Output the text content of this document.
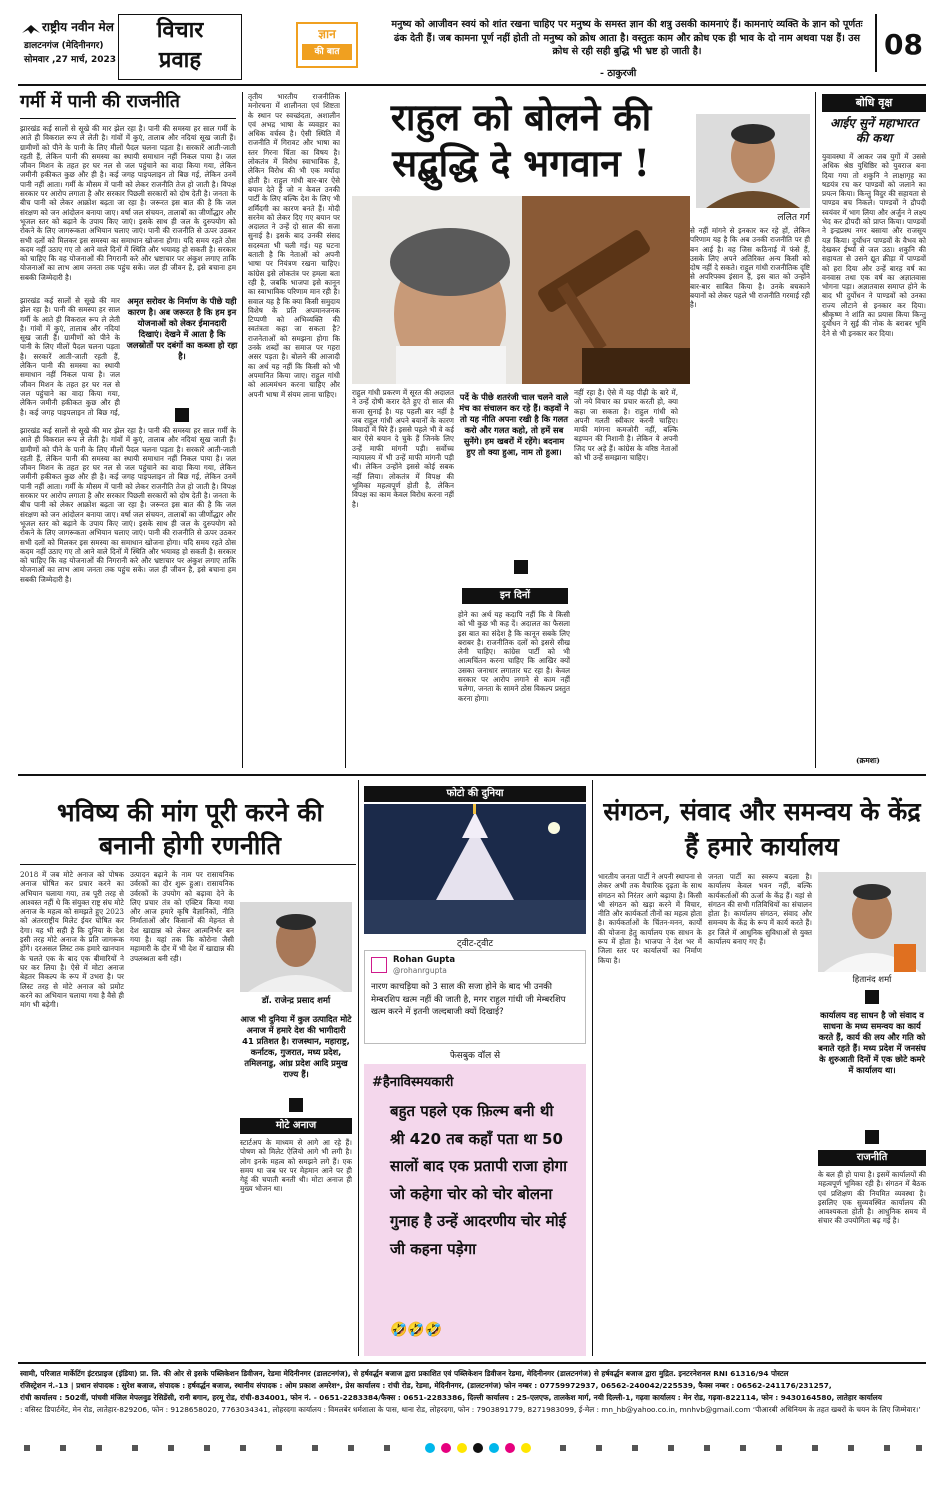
राष्ट्रीय नवीन मेल
डालटनगंज (मेदिनीनगर)
सोमवार ,27 मार्च, 2023
विचार
प्रवाह
ज्ञान
की बात
मनुष्य को आजीवन स्वयं को शांत रखना चाहिए पर मनुष्य के समस्त ज्ञान की शत्रु उसकी कामनाएं हैं। कामनाएं व्यक्ति के ज्ञान को पूर्णतः ढंक देती हैं। जब कामना पूर्ण नहीं होती तो मनुष्य को क्रोध आता है। वस्तुतः काम और क्रोध एक ही भाव के दो नाम अथवा पक्ष हैं। उस क्रोध से रही सही बुद्धि भी भ्रष्ट हो जाती है।
- ठाकुरजी
08
गर्मी में पानी की राजनीति
झारखंड कई सालों से सूखे की मार झेल रहा है। पानी की समस्या हर साल गर्मी के आते ही विकराल रूप ले लेती है। गांवों में कुएं, तालाब और नदियां सूख जाती हैं। ग्रामीणों को पीने के पानी के लिए मीलों पैदल चलना पड़ता है। सरकारें आती-जाती रहती हैं, लेकिन पानी की समस्या का स्थायी समाधान नहीं निकल पाया है। जल जीवन मिशन के तहत हर घर नल से जल पहुंचाने का वादा किया गया, लेकिन जमीनी हकीकत कुछ और ही है। कई जगह पाइपलाइन तो बिछ गई, लेकिन उनमें पानी नहीं आता। गर्मी के मौसम में पानी को लेकर राजनीति तेज हो जाती है। विपक्ष सरकार पर आरोप लगाता है और सरकार पिछली सरकारों को दोष देती है। जनता के बीच पानी को लेकर आक्रोश बढ़ता जा रहा है। जरूरत इस बात की है कि जल संरक्षण को जन आंदोलन बनाया जाए। वर्षा जल संचयन, तालाबों का जीर्णोद्धार और भूजल स्तर को बढ़ाने के उपाय किए जाएं। इसके साथ ही जल के दुरुपयोग को रोकने के लिए जागरूकता अभियान चलाए जाएं। पानी की राजनीति से ऊपर उठकर सभी दलों को मिलकर इस समस्या का समाधान खोजना होगा। यदि समय रहते ठोस कदम नहीं उठाए गए तो आने वाले दिनों में स्थिति और भयावह हो सकती है। सरकार को चाहिए कि वह योजनाओं की निगरानी करे और भ्रष्टाचार पर अंकुश लगाए ताकि योजनाओं का लाभ आम जनता तक पहुंच सके। जल ही जीवन है, इसे बचाना हम सबकी जिम्मेदारी है।
झारखंड कई सालों से सूखे की मार झेल रहा है। पानी की समस्या हर साल गर्मी के आते ही विकराल रूप ले लेती है। गांवों में कुएं, तालाब और नदियां सूख जाती हैं। ग्रामीणों को पीने के पानी के लिए मीलों पैदल चलना पड़ता है। सरकारें आती-जाती रहती हैं, लेकिन पानी की समस्या का स्थायी समाधान नहीं निकल पाया है। जल जीवन मिशन के तहत हर घर नल से जल पहुंचाने का वादा किया गया, लेकिन जमीनी हकीकत कुछ और ही है। कई जगह पाइपलाइन तो बिछ गई,
अमृत सरोवर के निर्माण के पीछे यही कारण है। अब जरूरत है कि हम इन योजनाओं को लेकर ईमानदारी दिखाएं। देखने में आता है कि जलस्रोतों पर दबंगों का कब्जा हो रहा है।
झारखंड कई सालों से सूखे की मार झेल रहा है। पानी की समस्या हर साल गर्मी के आते ही विकराल रूप ले लेती है। गांवों में कुएं, तालाब और नदियां सूख जाती हैं। ग्रामीणों को पीने के पानी के लिए मीलों पैदल चलना पड़ता है। सरकारें आती-जाती रहती हैं, लेकिन पानी की समस्या का स्थायी समाधान नहीं निकल पाया है। जल जीवन मिशन के तहत हर घर नल से जल पहुंचाने का वादा किया गया, लेकिन जमीनी हकीकत कुछ और ही है। कई जगह पाइपलाइन तो बिछ गई, लेकिन उनमें पानी नहीं आता। गर्मी के मौसम में पानी को लेकर राजनीति तेज हो जाती है। विपक्ष सरकार पर आरोप लगाता है और सरकार पिछली सरकारों को दोष देती है। जनता के बीच पानी को लेकर आक्रोश बढ़ता जा रहा है। जरूरत इस बात की है कि जल संरक्षण को जन आंदोलन बनाया जाए। वर्षा जल संचयन, तालाबों का जीर्णोद्धार और भूजल स्तर को बढ़ाने के उपाय किए जाएं। इसके साथ ही जल के दुरुपयोग को रोकने के लिए जागरूकता अभियान चलाए जाएं। पानी की राजनीति से ऊपर उठकर सभी दलों को मिलकर इस समस्या का समाधान खोजना होगा। यदि समय रहते ठोस कदम नहीं उठाए गए तो आने वाले दिनों में स्थिति और भयावह हो सकती है। सरकार को चाहिए कि वह योजनाओं की निगरानी करे और भ्रष्टाचार पर अंकुश लगाए ताकि योजनाओं का लाभ आम जनता तक पहुंच सके। जल ही जीवन है, इसे बचाना हम सबकी जिम्मेदारी है।
तृतीय भारतीय राजनीतिक मनोरचना में शालीनता एवं शिष्टता के स्थान पर स्वच्छंदता, अशालीन एवं अभद्र भाषा के व्यवहार का अधिक वर्चस्व है। ऐसी स्थिति में राजनीति में गिरावट और भाषा का स्तर गिरना चिंता का विषय है। लोकतंत्र में विरोध स्वाभाविक है, लेकिन विरोध की भी एक मर्यादा होती है। राहुल गांधी बार-बार ऐसे बयान देते हैं जो न केवल उनकी पार्टी के लिए बल्कि देश के लिए भी शर्मिंदगी का कारण बनते हैं। मोदी सरनेम को लेकर दिए गए बयान पर अदालत ने उन्हें दो साल की सजा सुनाई है। इसके बाद उनकी संसद सदस्यता भी चली गई। यह घटना बताती है कि नेताओं को अपनी भाषा पर नियंत्रण रखना चाहिए। कांग्रेस इसे लोकतंत्र पर हमला बता रही है, जबकि भाजपा इसे कानून का स्वाभाविक परिणाम मान रही है। सवाल यह है कि क्या किसी समुदाय विशेष के प्रति अपमानजनक टिप्पणी को अभिव्यक्ति की स्वतंत्रता कहा जा सकता है? राजनेताओं को समझना होगा कि उनके शब्दों का समाज पर गहरा असर पड़ता है। बोलने की आजादी का अर्थ यह नहीं कि किसी को भी अपमानित किया जाए। राहुल गांधी को आत्ममंथन करना चाहिए और अपनी भाषा में संयम लाना चाहिए।
राहुल को बोलने की सद्बुद्धि दे भगवान !
राहुल गांधी प्रकरण में सूरत की अदालत ने उन्हें दोषी करार देते हुए दो साल की सजा सुनाई है। यह पहली बार नहीं है जब राहुल गांधी अपने बयानों के कारण विवादों में घिरे हैं। इससे पहले भी वे कई बार ऐसे बयान दे चुके हैं जिनके लिए उन्हें माफी मांगनी पड़ी। सर्वोच्च न्यायालय में भी उन्हें माफी मांगनी पड़ी थी। लेकिन उन्होंने इससे कोई सबक नहीं लिया। लोकतंत्र में विपक्ष की भूमिका महत्वपूर्ण होती है, लेकिन विपक्ष का काम केवल विरोध करना नहीं है।
पर्दे के पीछे शतरंजी चाल चलने वाले मंच का संचालन कर रहे हैं। कड़वों ने तो यह नीति अपना रखी है कि गलत करो और गलत कहो, तो हमें सब सुनेंगे। हम खबरों में रहेंगे। बदनाम हुए तो क्या हुआ, नाम तो हुआ।
इन दिनों
होने का अर्थ यह कदापि नहीं कि वे किसी को भी कुछ भी कह दें। अदालत का फैसला इस बात का संदेश है कि कानून सबके लिए बराबर है। राजनीतिक दलों को इससे सीख लेनी चाहिए। कांग्रेस पार्टी को भी आत्मचिंतन करना चाहिए कि आखिर क्यों उसका जनाधार लगातार घट रहा है। केवल सरकार पर आरोप लगाने से काम नहीं चलेगा, जनता के सामने ठोस विकल्प प्रस्तुत करना होगा।
नहीं रहा है। ऐसे में यह पीढ़ी के बारे में, जो नये विचार का प्रचार करती हो, क्या कहा जा सकता है। राहुल गांधी को अपनी गलती स्वीकार करनी चाहिए। माफी मांगना कमजोरी नहीं, बल्कि बड़प्पन की निशानी है। लेकिन वे अपनी जिद पर अड़े हैं। कांग्रेस के वरिष्ठ नेताओं को भी उन्हें समझाना चाहिए।
ललित गर्ग
से नहीं मांगने से इनकार कर रहे हों, लेकिन परिणाम यह है कि अब उनकी राजनीति पर ही बन आई है। वह जिस कठिनाई में फंसे हैं, उसके लिए अपने अतिरिक्त अन्य किसी को दोष नहीं दे सकते। राहुल गांधी राजनीतिक दृष्टि से अपरिपक्व इंसान हैं, इस बात को उन्होंने बार-बार साबित किया है। उनके बचकाने बयानों को लेकर पहले भी राजनीति गरमाई रही है।
बोधि वृक्ष
आईए सुनें महाभारत की कथा
युवावस्था में आकर जब युगों में उससे अधिक श्रेष्ठ युधिष्ठिर को युवराज बना दिया गया तो शकुनि ने लाक्षागृह का षडयंत्र रच कर पाण्डवों को जलाने का प्रयत्न किया। किन्तु विदुर की सहायता से पाण्डव बच निकले। पाण्डवों ने द्रौपदी स्वयंवर में भाग लिया और अर्जुन ने लक्ष्य भेद कर द्रौपदी को प्राप्त किया। पाण्डवों ने इन्द्रप्रस्थ नगर बसाया और राजसूय यज्ञ किया। दुर्योधन पाण्डवों के वैभव को देखकर ईर्ष्या से जल उठा। शकुनि की सहायता से उसने द्यूत क्रीड़ा में पाण्डवों को हरा दिया और उन्हें बारह वर्ष का वनवास तथा एक वर्ष का अज्ञातवास भोगना पड़ा। अज्ञातवास समाप्त होने के बाद भी दुर्योधन ने पाण्डवों को उनका राज्य लौटाने से इनकार कर दिया। श्रीकृष्ण ने शांति का प्रयास किया किन्तु दुर्योधन ने सुई की नोक के बराबर भूमि देने से भी इनकार कर दिया।
(क्रमशः)
भविष्य की मांग पूरी करने की बनानी होगी रणनीति
2018 में जब मोटे अनाज को पोषक अनाज घोषित कर प्रचार करने का अभियान चलाया गया, तब पूरी तरह से आश्वस्त नहीं थे कि संयुक्त राष्ट्र संघ मोटे अनाज के महत्व को समझते हुए 2023 को अंतरराष्ट्रीय मिलेट ईयर घोषित कर देगा। यह भी सही है कि दुनिया के देश इसी तरह मोटे अनाज के प्रति जागरूक होंगे। दरअसल लिस्ट तक हमारे खानपान के चलते एक के बाद एक बीमारियों ने घर कर लिया है। ऐसे में मोटा अनाज बेहतर विकल्प के रूप में उभरा है। पर लिस्ट तरह से मोटे अनाज को प्रमोट करने का अभियान चलाया गया है वैसे ही मांग भी बढ़ेगी।
उत्पादन बढ़ाने के नाम पर रासायनिक उर्वरकों का दौर शुरू हुआ। रासायनिक उर्वरकों के उपयोग को बढ़ावा देने के लिए प्रचार तंत्र को एक्टिव किया गया और आज हमारे कृषि वैज्ञानिकों, नीति निर्माताओं और किसानों की मेहनत से देश खाद्यान्न को लेकर आत्मनिर्भर बन गया है। यहां तक कि कोरोना जैसी महामारी के दौर में भी देश में खाद्यान्न की उपलब्धता बनी रही।
डॉ. राजेन्द्र प्रसाद शर्मा
आज भी दुनिया में कुल उत्पादित मोटे अनाज में हमारे देश की भागीदारी 41 प्रतिशत है। राजस्थान, महाराष्ट्र, कर्नाटक, गुजरात, मध्य प्रदेश, तमिलनाडु, आंध्र प्रदेश आदि प्रमुख राज्य हैं।
मोटे अनाज
स्टार्टअप के माध्यम से आगे आ रहे हैं। पोषण को मिलेट ऐलियो आगे भी लगी है। लोग इनके महत्व को समझने लगे हैं। एक समय था जब घर पर मेहमान आने पर ही गेहूं की चपाती बनती थी। मोटा अनाज ही मुख्य भोजन था।
फोटो की दुनिया
ट्वीट-ट्वीट
Rohan Gupta
@rohanrgupta
नारण काचड़िया को 3 साल की सजा होने के बाद भी उनकी मेम्बरशिप खत्म नहीं की जाती है, मगर राहुल गांधी जी मेम्बरशिप खत्म करने में इतनी जल्दबाजी क्यों दिखाई?
फेसबुक वॉल से
#हैनाविस्मयकारी
बहुत पहले एक फ़िल्म बनी थी श्री 420 तब कहाँ पता था 50 सालों बाद एक प्रतापी राजा होगा जो कहेगा चोर को चोर बोलना गुनाह है उन्हें आदरणीय चोर मोई जी कहना पड़ेगा
🤣🤣🤣
संगठन, संवाद और समन्वय के केंद्र हैं हमारे कार्यालय
भारतीय जनता पार्टी ने अपनी स्थापना से लेकर अभी तक वैचारिक दृढ़ता के साथ संगठन को निरंतर आगे बढ़ाया है। किसी भी संगठन को खड़ा करने में विचार, नीति और कार्यकर्ता तीनों का महत्व होता है। कार्यकर्ताओं के चिंतन-मनन, कार्यों की योजना हेतु कार्यालय एक साधन के रूप में होता है। भाजपा ने देश भर में जिला स्तर पर कार्यालयों का निर्माण किया है।
जनता पार्टी का स्वरूप बदला है। कार्यालय केवल भवन नहीं, बल्कि कार्यकर्ताओं की ऊर्जा के केंद्र हैं। यहां से संगठन की सभी गतिविधियों का संचालन होता है। कार्यालय संगठन, संवाद और समन्वय के केंद्र के रूप में कार्य करते हैं। हर जिले में आधुनिक सुविधाओं से युक्त कार्यालय बनाए गए हैं।
हितानंद शर्मा
कार्यालय वह साधन है जो संवाद व साधना के मध्य समन्वय का कार्य करते हैं, कार्य की लय और गति को बनाते रहते हैं। मध्य प्रदेश में जनसंघ के शुरुआती दिनों में एक छोटे कमरे में कार्यालय था।
राजनीति
के बल ही हो पाया है। इसमें कार्यालयों की महत्वपूर्ण भूमिका रही है। संगठन में बैठक एवं प्रशिक्षण की नियमित व्यवस्था है। इसलिए एक सुव्यवस्थित कार्यालय की आवश्यकता होती है। आधुनिक समय में संचार की उपयोगिता बढ़ गई है।
स्वामी, परिजात मार्केटिंग इंटरप्राइज (इंडिया) प्रा. लि. की ओर से इसके पब्लिकेशन डिवीजन, रेडमा मेदिनीनगर (डालटनगंज), से हर्षवर्द्धन बजाज द्वारा प्रकाशित एवं पब्लिकेशन डिवीजन रेडमा, मेदिनीनगर (डालटनगंज) से हर्षवर्द्धन बजाज द्वारा मुद्रित. इनटरनेशनल RNI 61316/94 पोस्टल
रजिस्ट्रेशन नं.-13 | प्रधान संपादक : सुरेश बजाज, संपादक : हर्षवर्द्धन बजाज, स्थानीय संपादक : ओम प्रकाश अमरेश*, प्रेस कार्यालय : रांची रोड, रेडमा, मेदिनीनगर, (डालटनगंज) फोन नम्बर : 07759972937, 06562-240042/225539, फैक्स नम्बर : 06562-241176/231257,
रांची कार्यालय : 502वीं, पांचवी मंजिल मेपलवुड रेसिडेंसी, रानी बगान, हरमू रोड, रांची-834001, फोन नं. - 0651-2283384/फैक्स : 0651-2283386, दिल्ली कार्यालय : 25-एलएफ, तालकेश मार्ग, नयी दिल्ली-1, गढ़वा कार्यालय : मेन रोड, गढ़वा-822114, फोन : 9430164580, लातेहार कार्यालय
: वसिस्ट डिपार्टमेंट, मेन रोड, लातेहार-829206, फोन : 9128658020, 7763034341, लोहरदगा कार्यालय : विमलबेर धर्मशाला के पास, थाना रोड, लोहरदगा, फोन : 7903891779, 8271983099, ई-मेल : mn_hb@yahoo.co.in, mnhvb@gmail.com ‘पीआरबी अधिनियम के तहत खबरों के चयन के लिए जिम्मेवार।’
